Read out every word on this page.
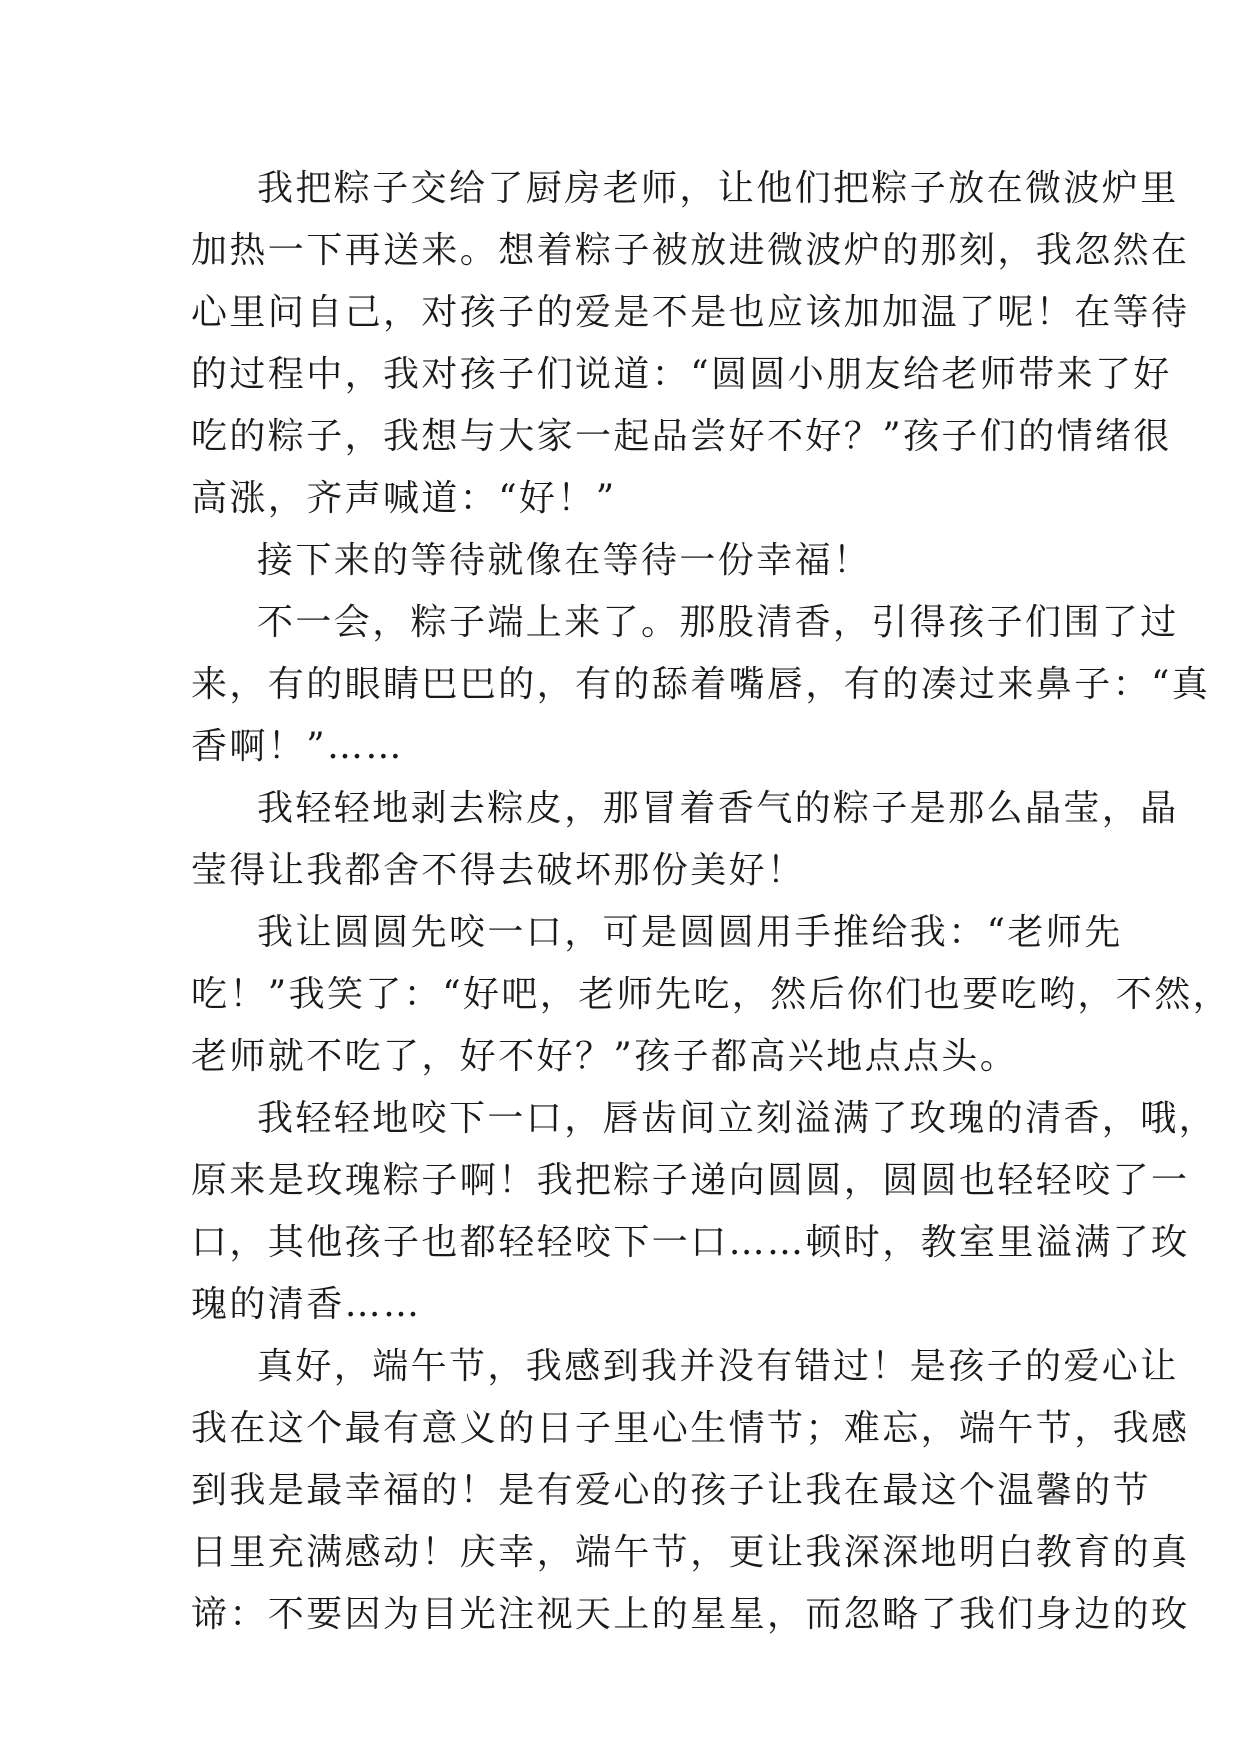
我把粽子交给了厨房老师，让他们把粽子放在微波炉里
加热一下再送来。想着粽子被放进微波炉的那刻，我忽然在
心里问自己，对孩子的爱是不是也应该加加温了呢！在等待
的过程中，我对孩子们说道：“圆圆小朋友给老师带来了好
吃的粽子，我想与大家一起品尝好不好？”孩子们的情绪很
高涨，齐声喊道：“好！”
接下来的等待就像在等待一份幸福！
不一会，粽子端上来了。那股清香，引得孩子们围了过
来，有的眼睛巴巴的，有的舔着嘴唇，有的凑过来鼻子：“真
香啊！”……
我轻轻地剥去粽皮，那冒着香气的粽子是那么晶莹，晶
莹得让我都舍不得去破坏那份美好！
我让圆圆先咬一口，可是圆圆用手推给我：“老师先
吃！”我笑了：“好吧，老师先吃，然后你们也要吃哟，不然，
老师就不吃了，好不好？”孩子都高兴地点点头。
我轻轻地咬下一口，唇齿间立刻溢满了玫瑰的清香，哦，
原来是玫瑰粽子啊！我把粽子递向圆圆，圆圆也轻轻咬了一
口，其他孩子也都轻轻咬下一口……顿时，教室里溢满了玫
瑰的清香……
真好，端午节，我感到我并没有错过！是孩子的爱心让
我在这个最有意义的日子里心生情节；难忘，端午节，我感
到我是最幸福的！是有爱心的孩子让我在最这个温馨的节
日里充满感动！庆幸，端午节，更让我深深地明白教育的真
谛：不要因为目光注视天上的星星，而忽略了我们身边的玫
